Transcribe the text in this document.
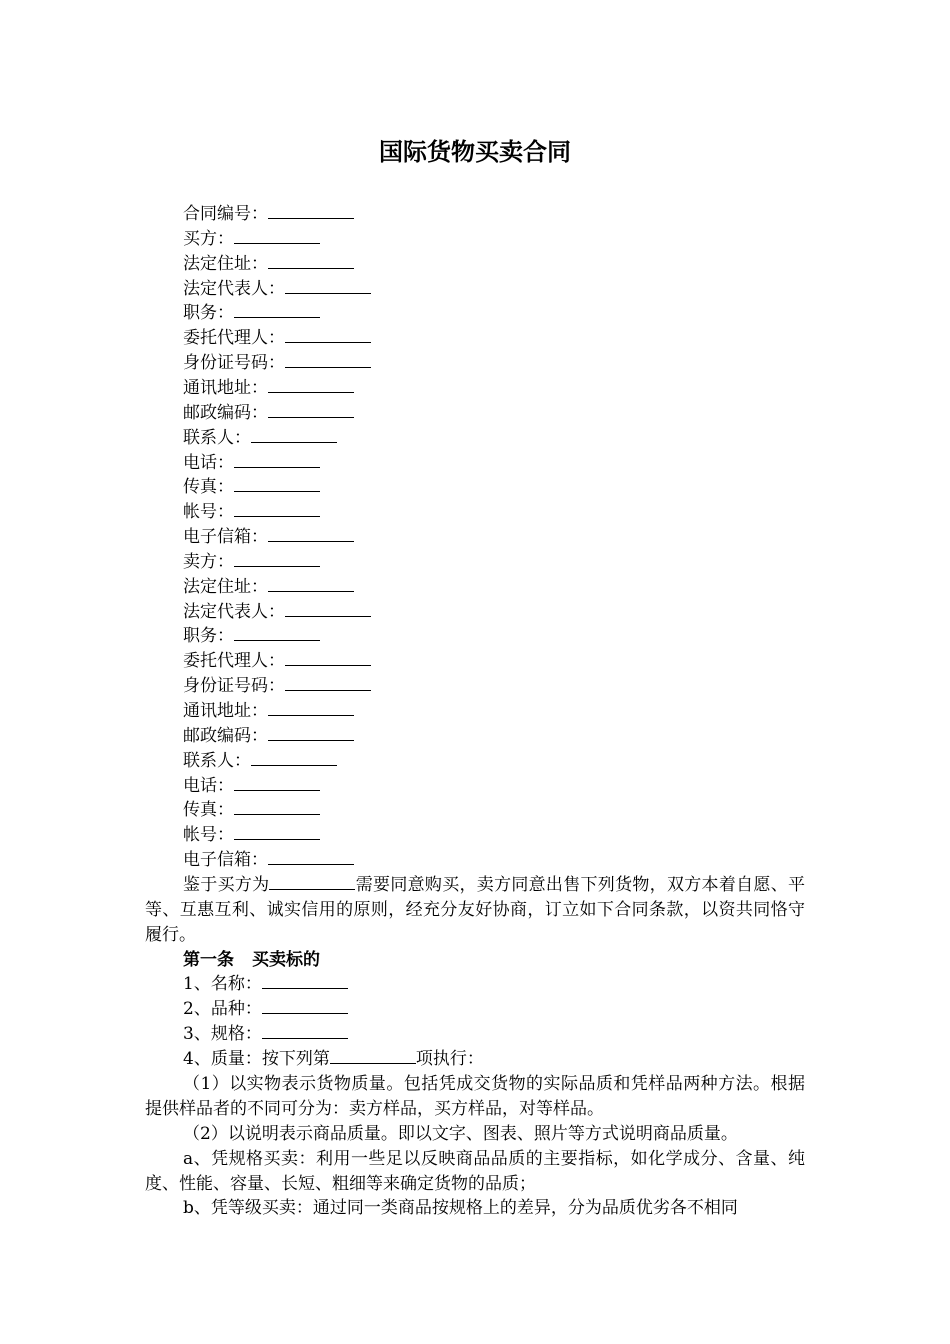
国际货物买卖合同
合同编号：
买方：
法定住址：
法定代表人：
职务：
委托代理人：
身份证号码：
通讯地址：
邮政编码：
联系人：
电话：
传真：
帐号：
电子信箱：
卖方：
法定住址：
法定代表人：
职务：
委托代理人：
身份证号码：
通讯地址：
邮政编码：
联系人：
电话：
传真：
帐号：
电子信箱：
鉴于买方为	需要同意购买，卖方同意出售下列货物，双方本着自愿、平等、互惠互利、诚实信用的原则，经充分友好协商，订立如下合同条款，以资共同恪守履行。
第一条 买卖标的
1、名称：
2、品种：
3、规格：
4、质量：按下列第	项执行：
（1）以实物表示货物质量。包括凭成交货物的实际品质和凭样品两种方法。根据提供样品者的不同可分为：卖方样品，买方样品，对等样品。
（2）以说明表示商品质量。即以文字、图表、照片等方式说明商品质量。
a、凭规格买卖：利用一些足以反映商品品质的主要指标，如化学成分、含量、纯度、性能、容量、长短、粗细等来确定货物的品质；
b、凭等级买卖：通过同一类商品按规格上的差异，分为品质优劣各不相同
